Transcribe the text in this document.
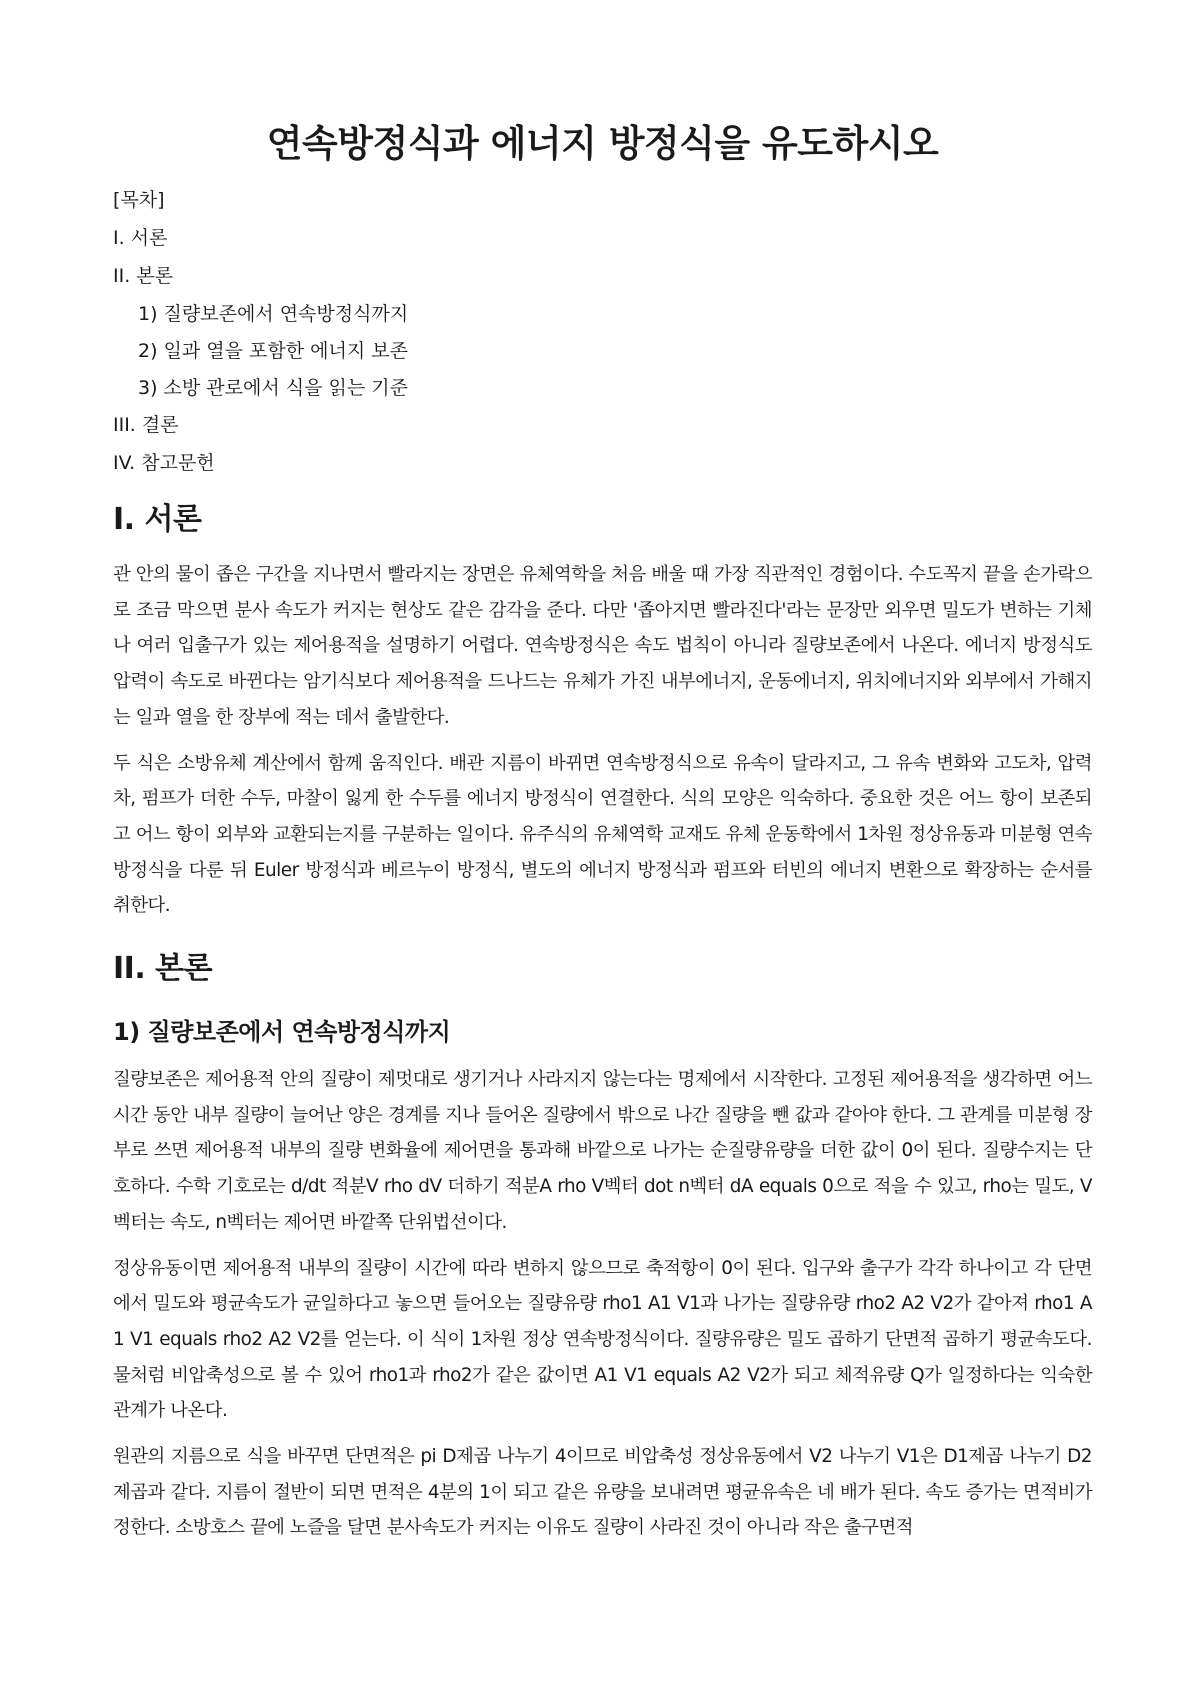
연속방정식과 에너지 방정식을 유도하시오
[목차]
I. 서론
II. 본론
1) 질량보존에서 연속방정식까지
2) 일과 열을 포함한 에너지 보존
3) 소방 관로에서 식을 읽는 기준
III. 결론
IV. 참고문헌
I. 서론

관 안의 물이 좁은 구간을 지나면서 빨라지는 장면은 유체역학을 처음 배울 때 가장 직관적인 경험이다. 수도꼭지 끝을 손가락으로 조금 막으면 분사 속도가 커지는 현상도 같은 감각을 준다. 다만 '좁아지면 빨라진다'라는 문장만 외우면 밀도가 변하는 기체나 여러 입출구가 있는 제어용적을 설명하기 어렵다. 연속방정식은 속도 법칙이 아니라 질량보존에서 나온다. 에너지 방정식도 압력이 속도로 바뀐다는 암기식보다 제어용적을 드나드는 유체가 가진 내부에너지, 운동에너지, 위치에너지와 외부에서 가해지는 일과 열을 한 장부에 적는 데서 출발한다.

두 식은 소방유체 계산에서 함께 움직인다. 배관 지름이 바뀌면 연속방정식으로 유속이 달라지고, 그 유속 변화와 고도차, 압력차, 펌프가 더한 수두, 마찰이 잃게 한 수두를 에너지 방정식이 연결한다. 식의 모양은 익숙하다. 중요한 것은 어느 항이 보존되고 어느 항이 외부와 교환되는지를 구분하는 일이다. 유주식의 유체역학 교재도 유체 운동학에서 1차원 정상유동과 미분형 연속방정식을 다룬 뒤 Euler 방정식과 베르누이 방정식, 별도의 에너지 방정식과 펌프와 터빈의 에너지 변환으로 확장하는 순서를 취한다.

II. 본론
1) 질량보존에서 연속방정식까지

질량보존은 제어용적 안의 질량이 제멋대로 생기거나 사라지지 않는다는 명제에서 시작한다. 고정된 제어용적을 생각하면 어느 시간 동안 내부 질량이 늘어난 양은 경계를 지나 들어온 질량에서 밖으로 나간 질량을 뺀 값과 같아야 한다. 그 관계를 미분형 장부로 쓰면 제어용적 내부의 질량 변화율에 제어면을 통과해 바깥으로 나가는 순질량유량을 더한 값이 0이 된다. 질량수지는 단호하다. 수학 기호로는 d/dt 적분V rho dV 더하기 적분A rho V벡터 dot n벡터 dA equals 0으로 적을 수 있고, rho는 밀도, V벡터는 속도, n벡터는 제어면 바깥쪽 단위법선이다.

정상유동이면 제어용적 내부의 질량이 시간에 따라 변하지 않으므로 축적항이 0이 된다. 입구와 출구가 각각 하나이고 각 단면에서 밀도와 평균속도가 균일하다고 놓으면 들어오는 질량유량 rho1 A1 V1과 나가는 질량유량 rho2 A2 V2가 같아져 rho1 A1 V1 equals rho2 A2 V2를 얻는다. 이 식이 1차원 정상 연속방정식이다. 질량유량은 밀도 곱하기 단면적 곱하기 평균속도다. 물처럼 비압축성으로 볼 수 있어 rho1과 rho2가 같은 값이면 A1 V1 equals A2 V2가 되고 체적유량 Q가 일정하다는 익숙한 관계가 나온다.

원관의 지름으로 식을 바꾸면 단면적은 pi D제곱 나누기 4이므로 비압축성 정상유동에서 V2 나누기 V1은 D1제곱 나누기 D2제곱과 같다. 지름이 절반이 되면 면적은 4분의 1이 되고 같은 유량을 보내려면 평균유속은 네 배가 된다. 속도 증가는 면적비가 정한다. 소방호스 끝에 노즐을 달면 분사속도가 커지는 이유도 질량이 사라진 것이 아니라 작은 출구면적
